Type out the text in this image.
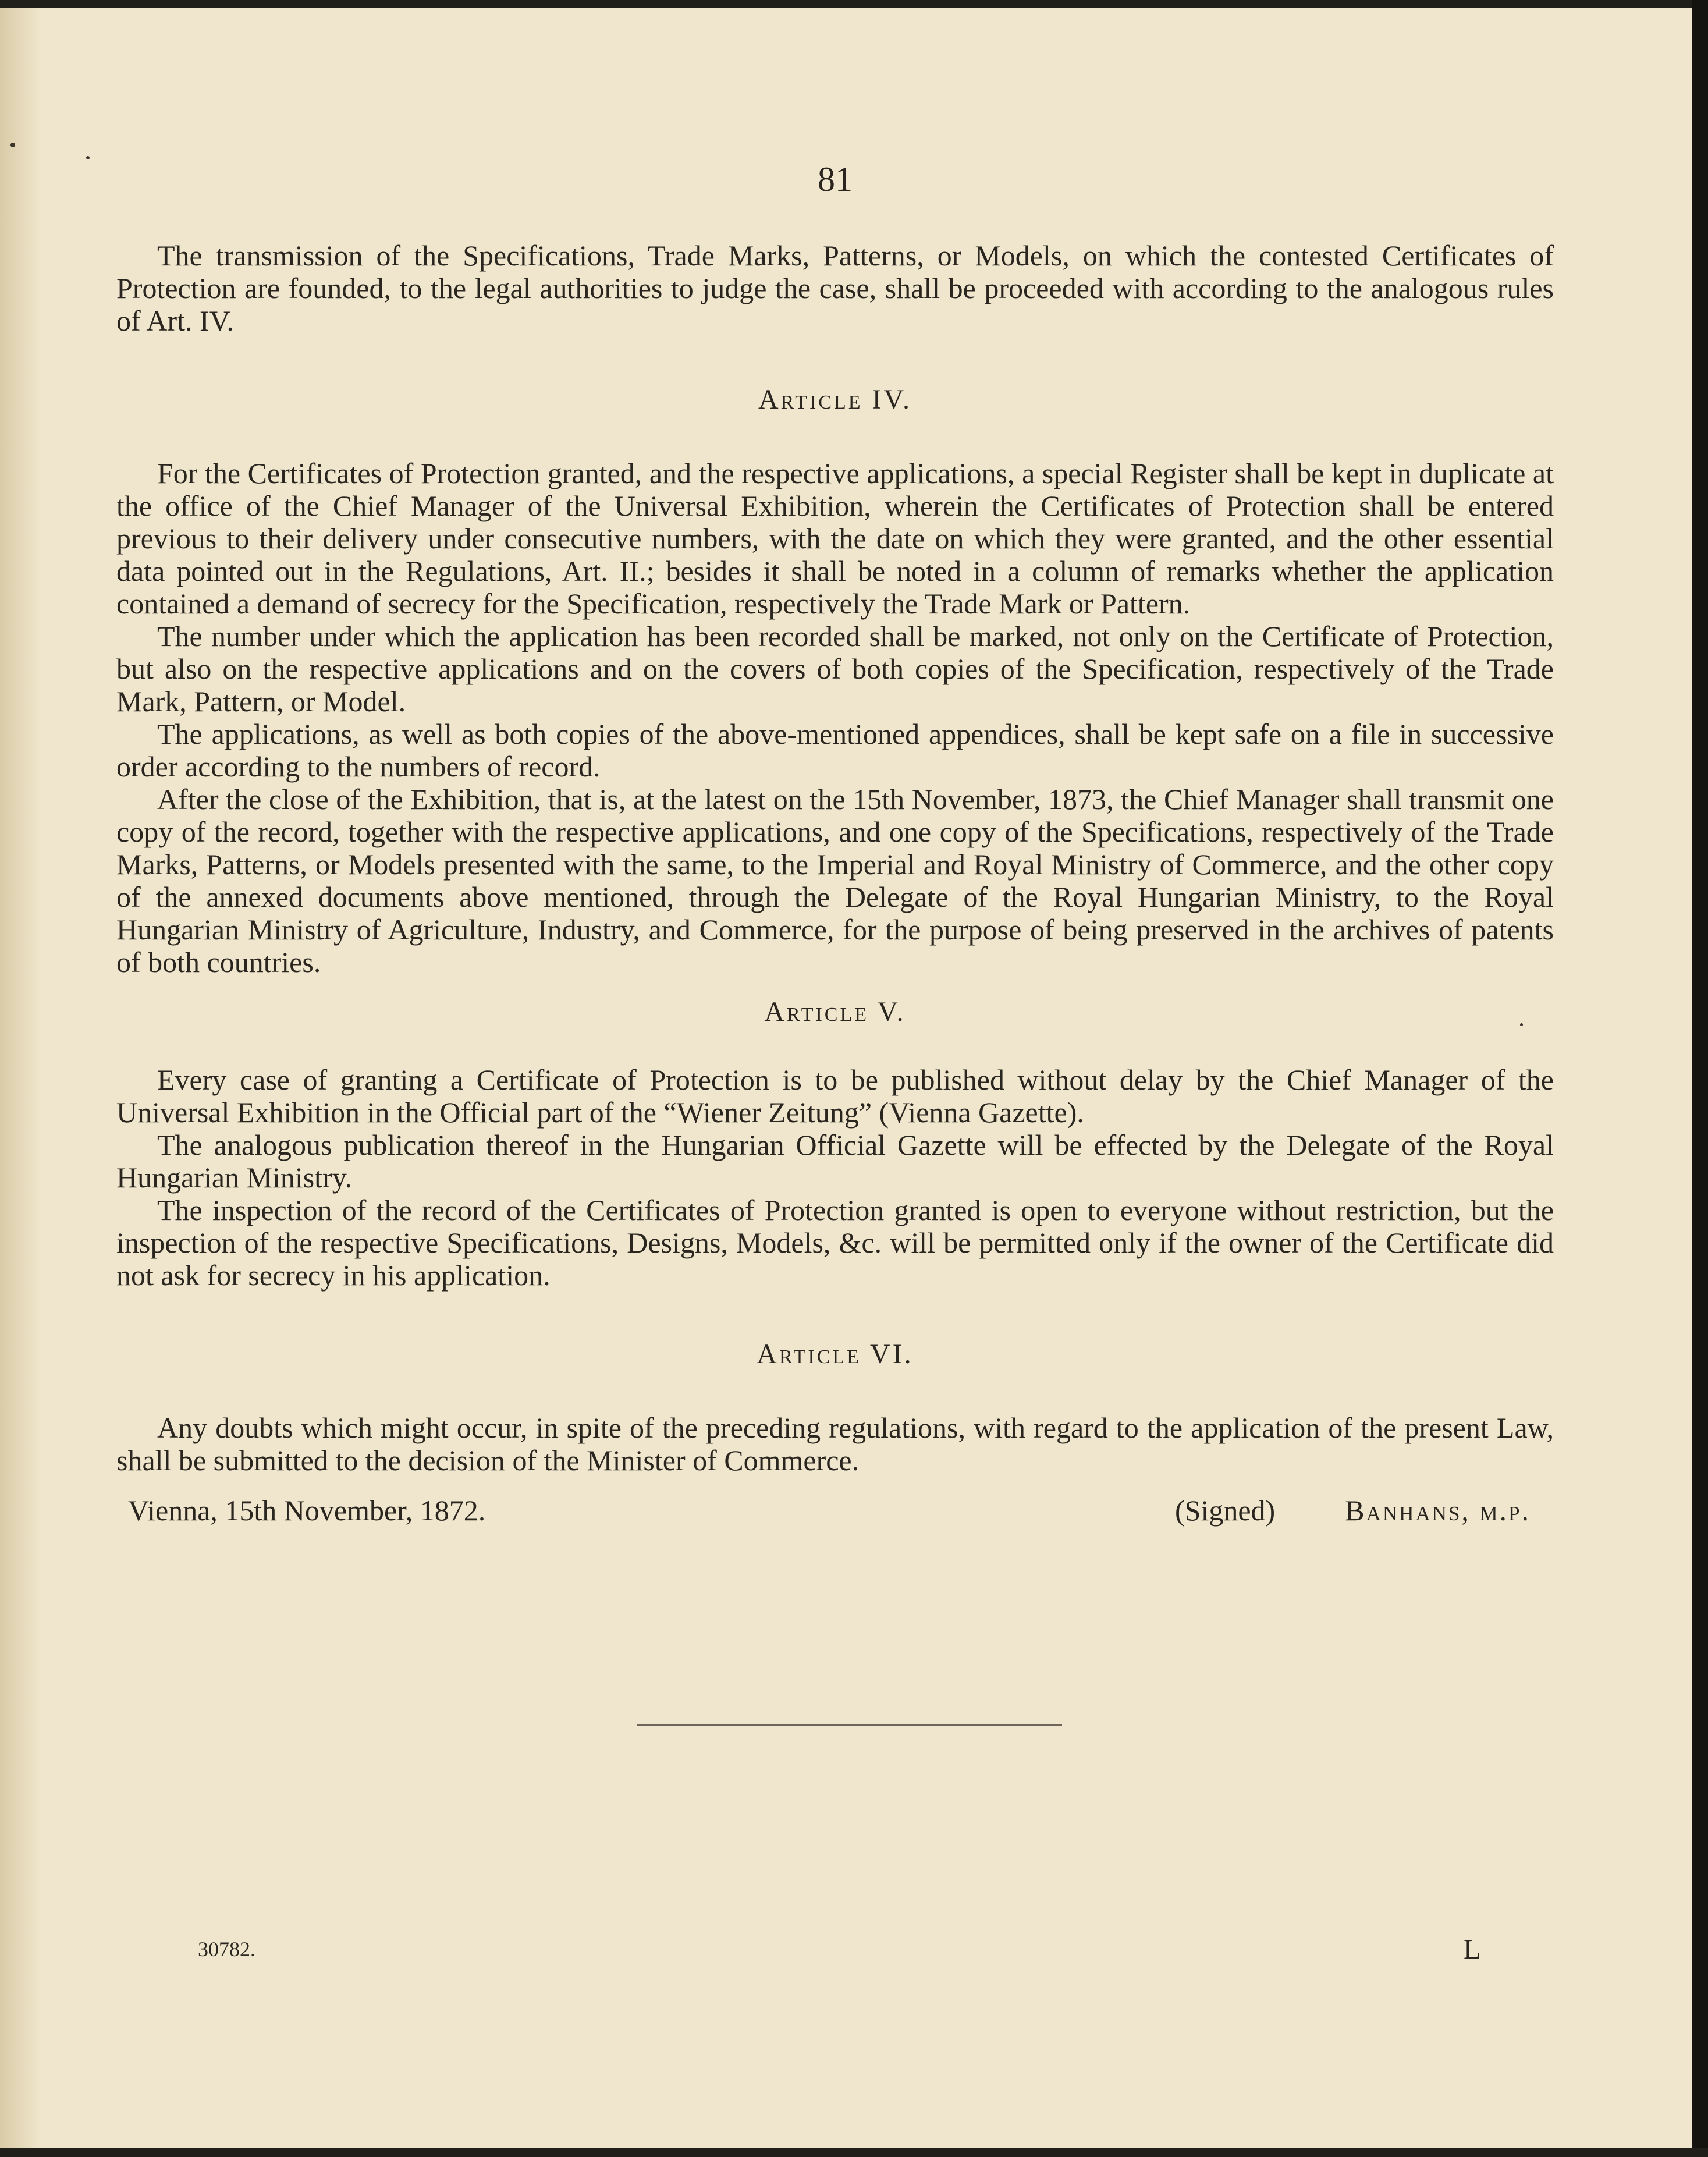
81

The transmission of the Specifications, Trade Marks, Patterns, or Models, on which the contested Certificates of Protection are founded, to the legal authorities to judge the case, shall be proceeded with according to the analogous rules of Art. IV.

Article IV.

For the Certificates of Protection granted, and the respective applications, a special Register shall be kept in duplicate at the office of the Chief Manager of the Universal Exhibition, wherein the Certificates of Protection shall be entered previous to their delivery under consecutive numbers, with the date on which they were granted, and the other essential data pointed out in the Regulations, Art. II.; besides it shall be noted in a column of remarks whether the application contained a demand of secrecy for the Specification, respectively the Trade Mark or Pattern.

The number under which the application has been recorded shall be marked, not only on the Certificate of Protection, but also on the respective applications and on the covers of both copies of the Specification, respectively of the Trade Mark, Pattern, or Model.

The applications, as well as both copies of the above-mentioned appendices, shall be kept safe on a file in successive order according to the numbers of record.

After the close of the Exhibition, that is, at the latest on the 15th November, 1873, the Chief Manager shall transmit one copy of the record, together with the respective applications, and one copy of the Specifications, respectively of the Trade Marks, Patterns, or Models presented with the same, to the Imperial and Royal Ministry of Commerce, and the other copy of the annexed documents above mentioned, through the Delegate of the Royal Hungarian Ministry, to the Royal Hungarian Ministry of Agriculture, Industry, and Commerce, for the purpose of being preserved in the archives of patents of both countries.

Article V.

Every case of granting a Certificate of Protection is to be published without delay by the Chief Manager of the Universal Exhibition in the Official part of the “Wiener Zeitung” (Vienna Gazette).

The analogous publication thereof in the Hungarian Official Gazette will be effected by the Delegate of the Royal Hungarian Ministry.

The inspection of the record of the Certificates of Protection granted is open to everyone without restriction, but the inspection of the respective Specifications, Designs, Models, &c. will be permitted only if the owner of the Certificate did not ask for secrecy in his application.

Article VI.

Any doubts which might occur, in spite of the preceding regulations, with regard to the application of the present Law, shall be submitted to the decision of the Minister of Commerce.

Vienna, 15th November, 1872.	(Signed) Banhans, m.p.
30782.	L
